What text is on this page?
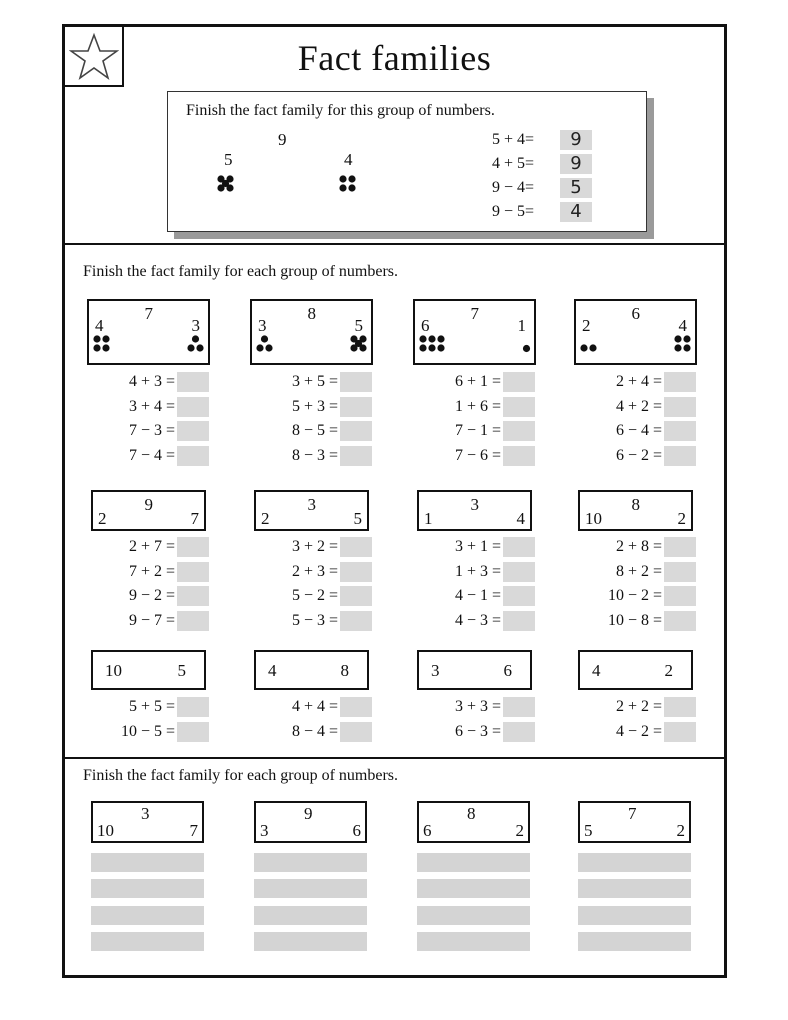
Fact families
Finish the fact family for this group of numbers.
9
5	4
5 + 4=	9
4 + 5=	9
9 − 4=	5
9 − 5=	4
Finish the fact family for each group of numbers.
7
4	3
4 + 3 =
3 + 4 =
7 − 3 =
7 − 4 =
8
3	5
3 + 5 =
5 + 3 =
8 − 5 =
8 − 3 =
7
6	1
6 + 1 =
1 + 6 =
7 − 1 =
7 − 6 =
6
2	4
2 + 4 =
4 + 2 =
6 − 4 =
6 − 2 =
9
2	7
2 + 7 =
7 + 2 =
9 − 2 =
9 − 7 =
3
2	5
3 + 2 =
2 + 3 =
5 − 2 =
5 − 3 =
3
1	4
3 + 1 =
1 + 3 =
4 − 1 =
4 − 3 =
8
10	2
2 + 8 =
8 + 2 =
10 − 2 =
10 − 8 =
10	5
5 + 5 =
10 − 5 =
4	8
4 + 4 =
8 − 4 =
3	6
3 + 3 =
6 − 3 =
4	2
2 + 2 =
4 − 2 =
Finish the fact family for each group of numbers.
3
10	7
9
3	6
8
6	2
7
5	2
